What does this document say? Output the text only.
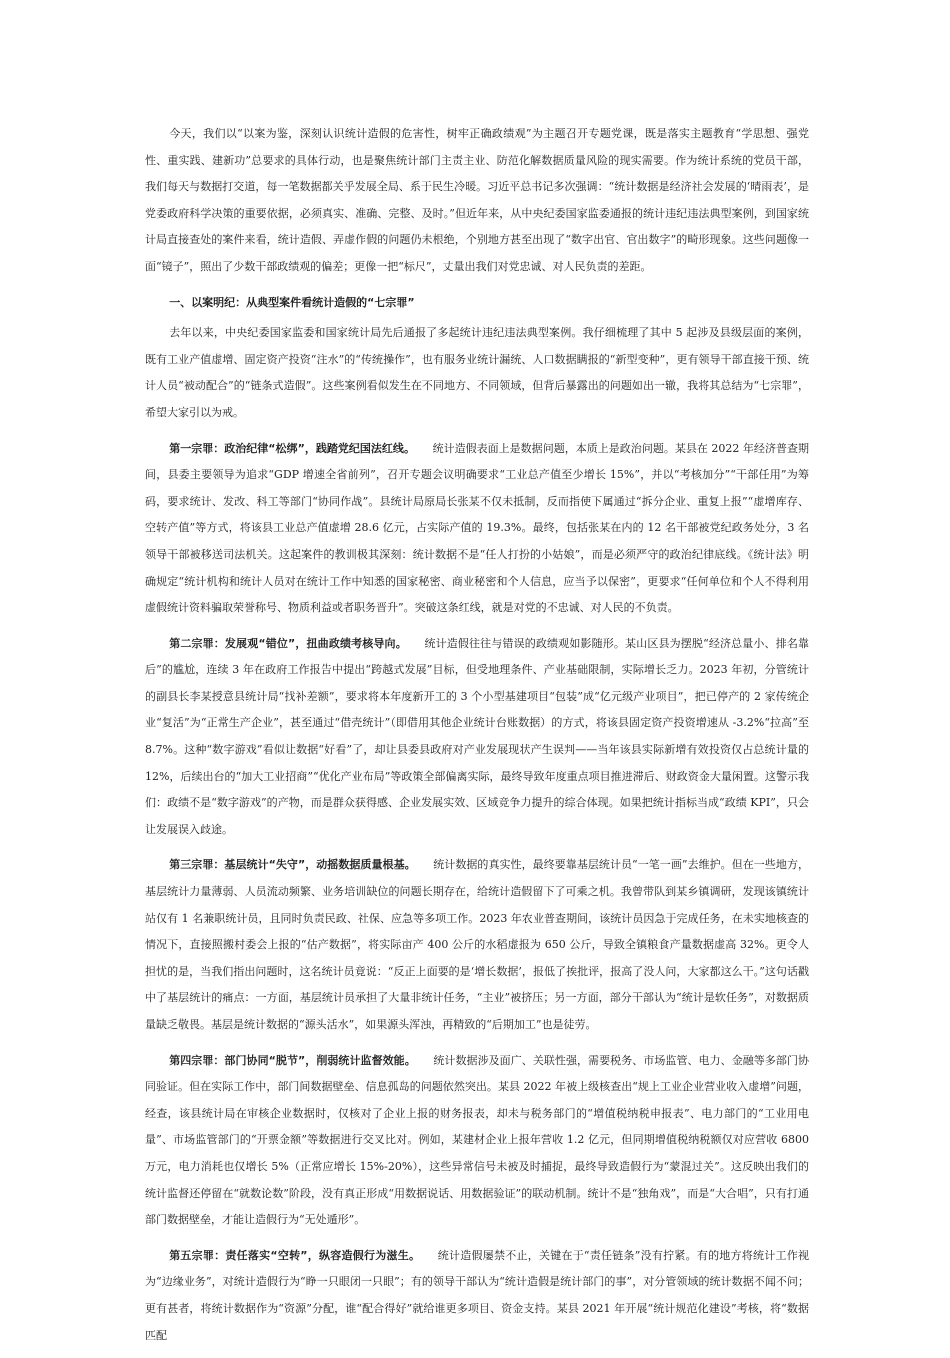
今天，我们以“以案为鉴，深刻认识统计造假的危害性，树牢正确政绩观”为主题召开专题党课，既是落实主题教育“学思想、强党性、重实践、建新功”总要求的具体行动，也是聚焦统计部门主责主业、防范化解数据质量风险的现实需要。作为统计系统的党员干部，我们每天与数据打交道，每一笔数据都关乎发展全局、系于民生冷暖。习近平总书记多次强调：“统计数据是经济社会发展的‘晴雨表’，是党委政府科学决策的重要依据，必须真实、准确、完整、及时。”但近年来，从中央纪委国家监委通报的统计违纪违法典型案例，到国家统计局直接查处的案件来看，统计造假、弄虚作假的问题仍未根绝，个别地方甚至出现了“数字出官、官出数字”的畸形现象。这些问题像一面“镜子”，照出了少数干部政绩观的偏差；更像一把“标尺”，丈量出我们对党忠诚、对人民负责的差距。

一、以案明纪：从典型案件看统计造假的“七宗罪”

去年以来，中央纪委国家监委和国家统计局先后通报了多起统计违纪违法典型案例。我仔细梳理了其中 5 起涉及县级层面的案例，既有工业产值虚增、固定资产投资“注水”的“传统操作”，也有服务业统计漏统、人口数据瞒报的“新型变种”，更有领导干部直接干预、统计人员“被动配合”的“链条式造假”。这些案例看似发生在不同地方、不同领域，但背后暴露出的问题如出一辙，我将其总结为“七宗罪”，希望大家引以为戒。

第一宗罪：政治纪律“松绑”，践踏党纪国法红线。 统计造假表面上是数据问题，本质上是政治问题。某县在 2022 年经济普查期间，县委主要领导为追求“GDP 增速全省前列”，召开专题会议明确要求“工业总产值至少增长 15%”，并以“考核加分”“干部任用”为筹码，要求统计、发改、科工等部门“协同作战”。县统计局原局长张某不仅未抵制，反而指使下属通过“拆分企业、重复上报”“虚增库存、空转产值”等方式，将该县工业总产值虚增 28.6 亿元，占实际产值的 19.3%。最终，包括张某在内的 12 名干部被党纪政务处分，3 名领导干部被移送司法机关。这起案件的教训极其深刻：统计数据不是“任人打扮的小姑娘”，而是必须严守的政治纪律底线。《统计法》明确规定“统计机构和统计人员对在统计工作中知悉的国家秘密、商业秘密和个人信息，应当予以保密”，更要求“任何单位和个人不得利用虚假统计资料骗取荣誉称号、物质利益或者职务晋升”。突破这条红线，就是对党的不忠诚、对人民的不负责。

第二宗罪：发展观“错位”，扭曲政绩考核导向。 统计造假往往与错误的政绩观如影随形。某山区县为摆脱“经济总量小、排名靠后”的尴尬，连续 3 年在政府工作报告中提出“跨越式发展”目标，但受地理条件、产业基础限制，实际增长乏力。2023 年初，分管统计的副县长李某授意县统计局“找补差额”，要求将本年度新开工的 3 个小型基建项目“包装”成“亿元级产业项目”，把已停产的 2 家传统企业“复活”为“正常生产企业”，甚至通过“借壳统计”（即借用其他企业统计台账数据）的方式，将该县固定资产投资增速从 -3.2%“拉高”至 8.7%。这种“数字游戏”看似让数据“好看”了，却让县委县政府对产业发展现状产生误判——当年该县实际新增有效投资仅占总统计量的 12%，后续出台的“加大工业招商”“优化产业布局”等政策全部偏离实际，最终导致年度重点项目推进滞后、财政资金大量闲置。这警示我们：政绩不是“数字游戏”的产物，而是群众获得感、企业发展实效、区域竞争力提升的综合体现。如果把统计指标当成“政绩 KPI”，只会让发展误入歧途。

第三宗罪：基层统计“失守”，动摇数据质量根基。 统计数据的真实性，最终要靠基层统计员“一笔一画”去维护。但在一些地方，基层统计力量薄弱、人员流动频繁、业务培训缺位的问题长期存在，给统计造假留下了可乘之机。我曾带队到某乡镇调研，发现该镇统计站仅有 1 名兼职统计员，且同时负责民政、社保、应急等多项工作。2023 年农业普查期间，该统计员因急于完成任务，在未实地核查的情况下，直接照搬村委会上报的“估产数据”，将实际亩产 400 公斤的水稻虚报为 650 公斤，导致全镇粮食产量数据虚高 32%。更令人担忧的是，当我们指出问题时，这名统计员竟说：“反正上面要的是‘增长数据’，报低了挨批评，报高了没人问，大家都这么干。”这句话戳中了基层统计的痛点：一方面，基层统计员承担了大量非统计任务，“主业”被挤压；另一方面，部分干部认为“统计是软任务”，对数据质量缺乏敬畏。基层是统计数据的“源头活水”，如果源头浑浊，再精致的“后期加工”也是徒劳。

第四宗罪：部门协同“脱节”，削弱统计监督效能。 统计数据涉及面广、关联性强，需要税务、市场监管、电力、金融等多部门协同验证。但在实际工作中，部门间数据壁垒、信息孤岛的问题依然突出。某县 2022 年被上级核查出“规上工业企业营业收入虚增”问题，经查，该县统计局在审核企业数据时，仅核对了企业上报的财务报表，却未与税务部门的“增值税纳税申报表”、电力部门的“工业用电量”、市场监管部门的“开票金额”等数据进行交叉比对。例如，某建材企业上报年营收 1.2 亿元，但同期增值税纳税额仅对应营收 6800 万元，电力消耗也仅增长 5%（正常应增长 15%-20%），这些异常信号未被及时捕捉，最终导致造假行为“蒙混过关”。这反映出我们的统计监督还停留在“就数论数”阶段，没有真正形成“用数据说话、用数据验证”的联动机制。统计不是“独角戏”，而是“大合唱”，只有打通部门数据壁垒，才能让造假行为“无处遁形”。

第五宗罪：责任落实“空转”，纵容造假行为滋生。 统计造假屡禁不止，关键在于“责任链条”没有拧紧。有的地方将统计工作视为“边缘业务”，对统计造假行为“睁一只眼闭一只眼”；有的领导干部认为“统计造假是统计部门的事”，对分管领域的统计数据不闻不问；更有甚者，将统计数据作为“资源”分配，谁“配合得好”就给谁更多项目、资金支持。某县 2021 年开展“统计规范化建设”考核，将“数据匹配
